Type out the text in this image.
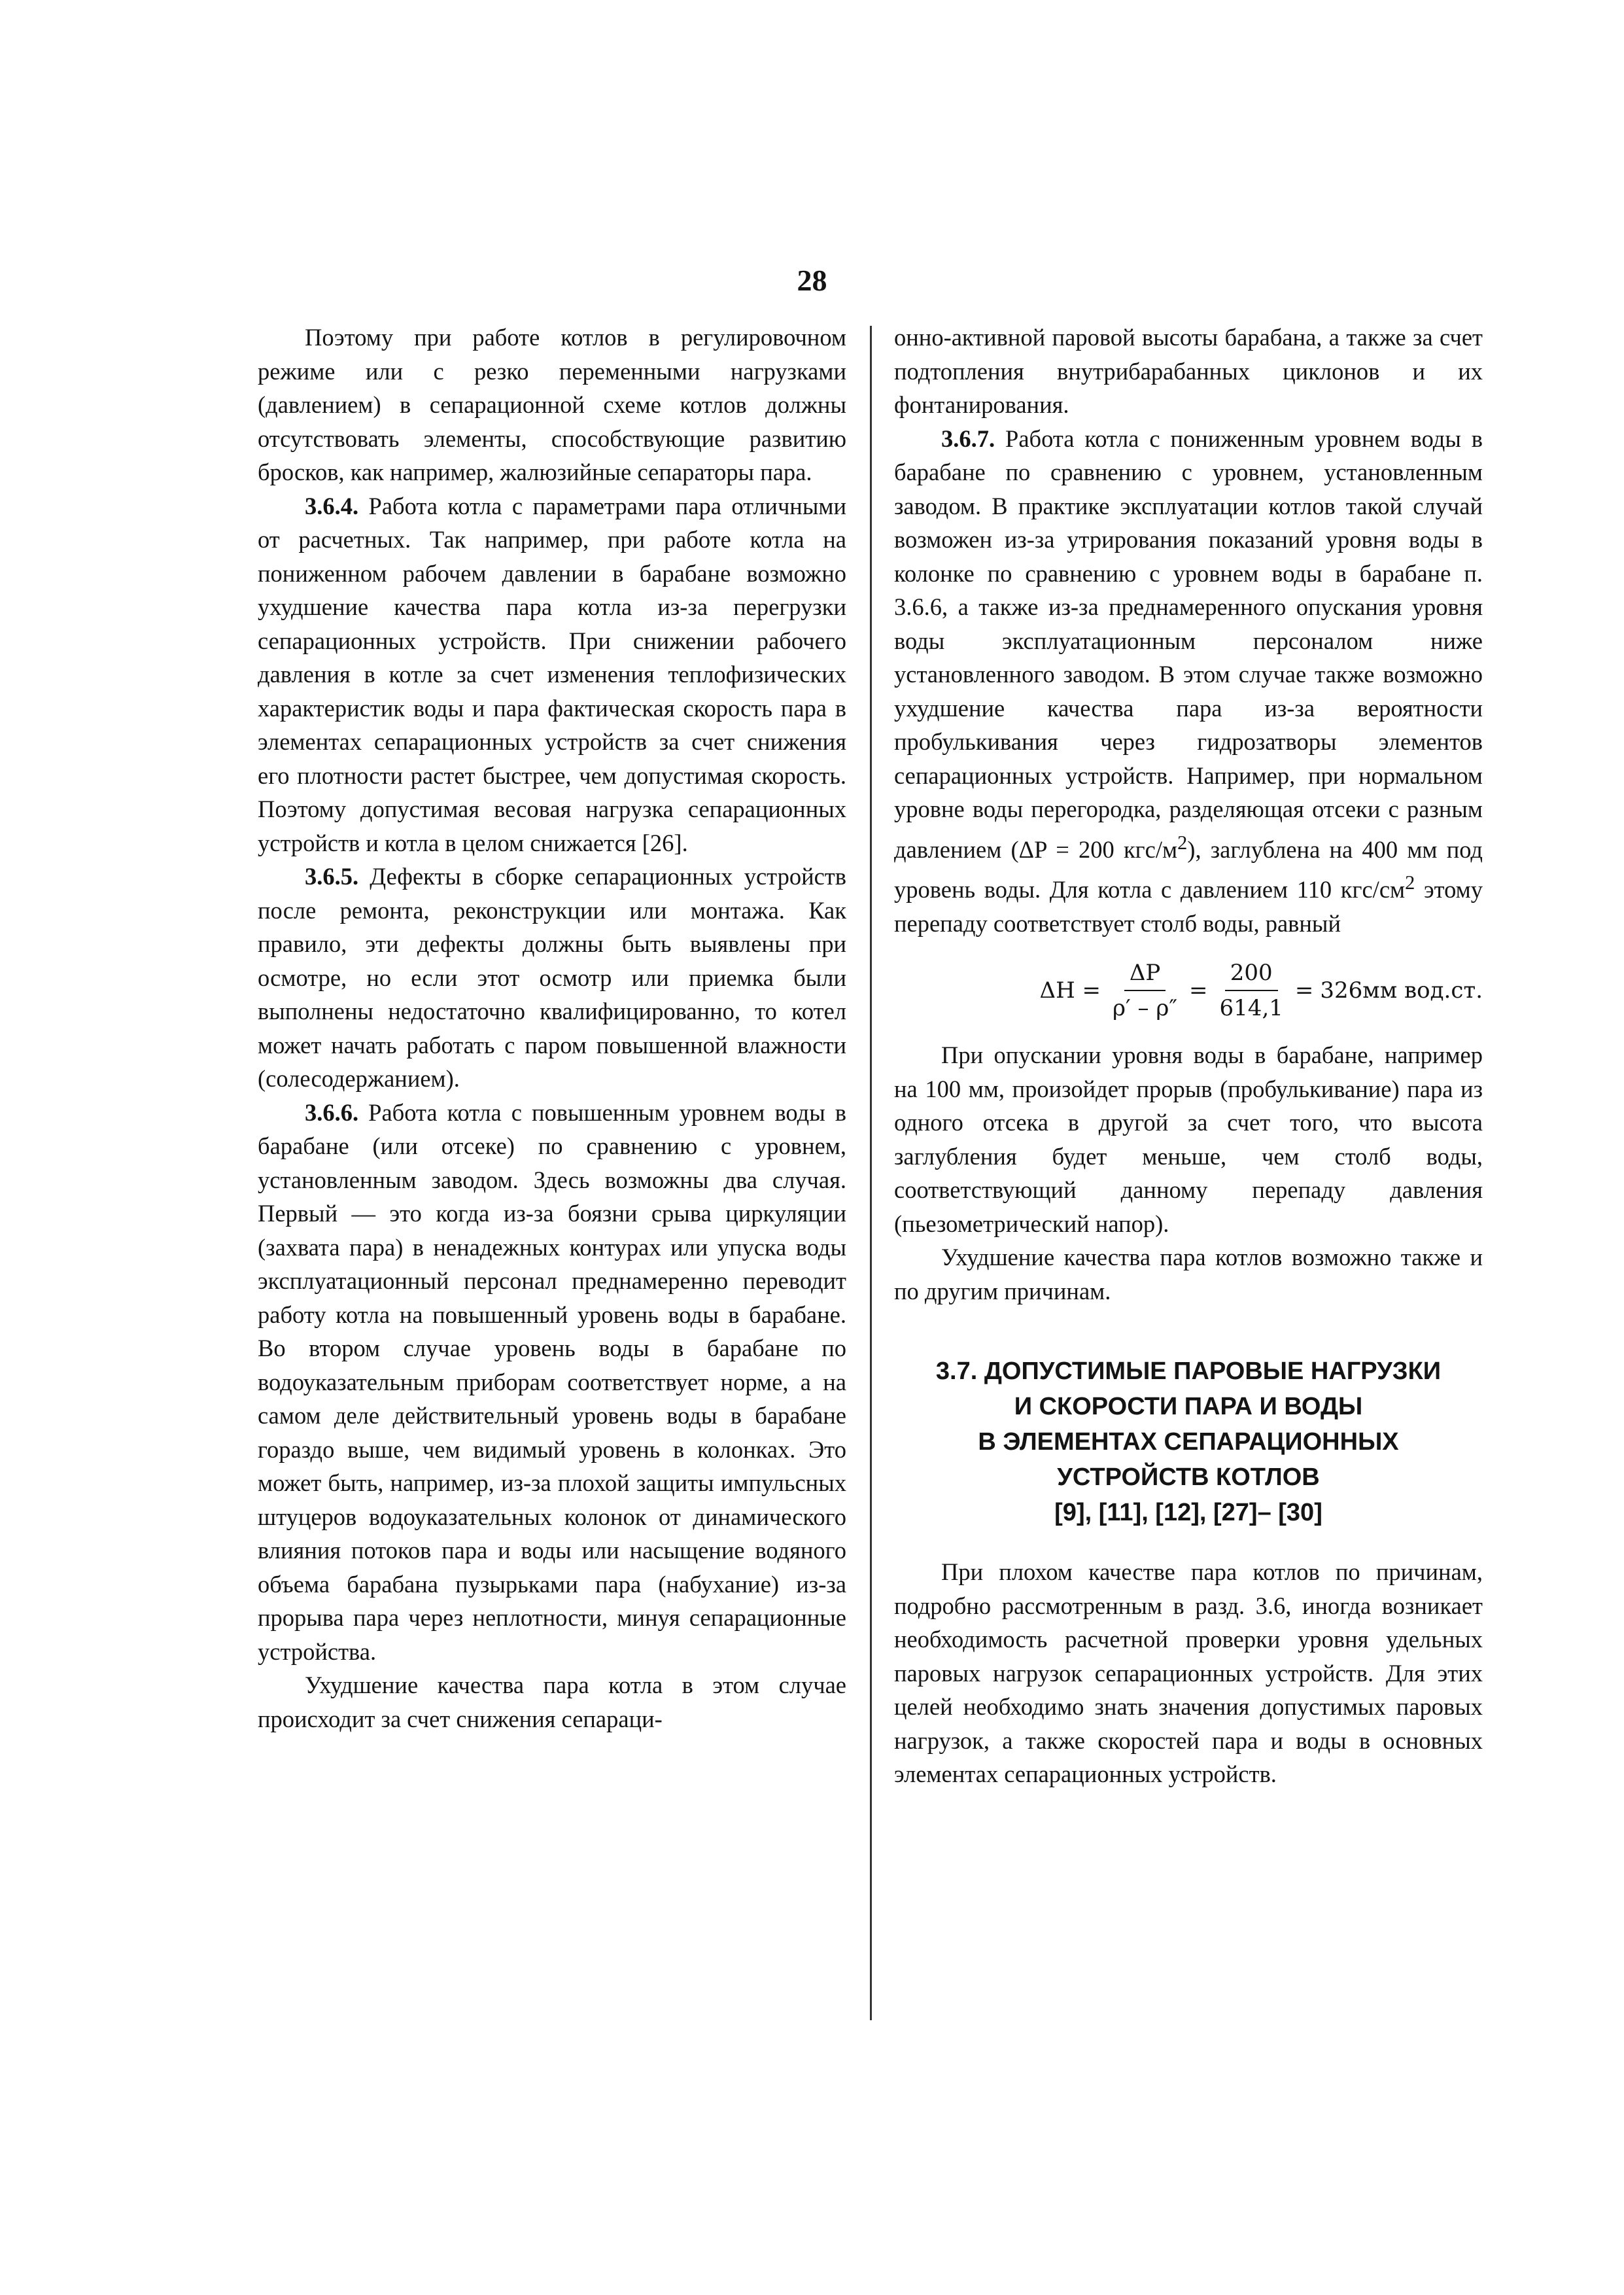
28

Поэтому при работе котлов в регулировочном режиме или с резко переменными нагрузками (давлением) в сепарационной схеме котлов должны отсутствовать элементы, способствующие развитию бросков, как например, жалюзийные сепараторы пара.

3.6.4. Работа котла с параметрами пара отличными от расчетных. Так например, при работе котла на пониженном рабочем давлении в барабане возможно ухудшение качества пара котла из-за перегрузки сепарационных устройств. При снижении рабочего давления в котле за счет изменения теплофизических характеристик воды и пара фактическая скорость пара в элементах сепарационных устройств за счет снижения его плотности растет быстрее, чем допустимая скорость. Поэтому допустимая весовая нагрузка сепарационных устройств и котла в целом снижается [26].

3.6.5. Дефекты в сборке сепарационных устройств после ремонта, реконструкции или монтажа. Как правило, эти дефекты должны быть выявлены при осмотре, но если этот осмотр или приемка были выполнены недостаточно квалифицированно, то котел может начать работать с паром повышенной влажности (солесодержанием).

3.6.6. Работа котла с повышенным уровнем воды в барабане (или отсеке) по сравнению с уровнем, установленным заводом. Здесь возможны два случая. Первый — это когда из-за боязни срыва циркуляции (захвата пара) в ненадежных контурах или упуска воды эксплуатационный персонал преднамеренно переводит работу котла на повышенный уровень воды в барабане. Во втором случае уровень воды в барабане по водоуказательным приборам соответствует норме, а на самом деле действительный уровень воды в барабане гораздо выше, чем видимый уровень в колонках. Это может быть, например, из-за плохой защиты импульсных штуцеров водоуказательных колонок от динамического влияния потоков пара и воды или насыщение водяного объема барабана пузырьками пара (набухание) из-за прорыва пара через неплотности, минуя сепарационные устройства.

Ухудшение качества пара котла в этом случае происходит за счет снижения сепараци-

онно-активной паровой высоты барабана, а также за счет подтопления внутрибарабанных циклонов и их фонтанирования.

3.6.7. Работа котла с пониженным уровнем воды в барабане по сравнению с уровнем, установленным заводом. В практике эксплуатации котлов такой случай возможен из-за утрирования показаний уровня воды в колонке по сравнению с уровнем воды в барабане п. 3.6.6, а также из-за преднамеренного опускания уровня воды эксплуатационным персоналом ниже установленного заводом. В этом случае также возможно ухудшение качества пара из-за вероятности пробулькивания через гидрозатворы элементов сепарационных устройств. Например, при нормальном уровне воды перегородка, разделяющая отсеки с разным давлением (ΔP = 200 кгс/$м^2$), заглублена на 400 мм под уровень воды. Для котла с давлением 110 кгс/$см^2$ этому перепаду соответствует столб воды, равный

$\Delta H = \frac{\Delta P}{\rho' - \rho''} = \frac{200}{614,1} = 326мм$ вод.ст.

При опускании уровня воды в барабане, например на 100 мм, произойдет прорыв (пробулькивание) пара из одного отсека в другой за счет того, что высота заглубления будет меньше, чем столб воды, соответствующий данному перепаду давления (пьезометрический напор).

Ухудшение качества пара котлов возможно также и по другим причинам.

3.7. ДОПУСТИМЫЕ ПАРОВЫЕ НАГРУЗКИ
И СКОРОСТИ ПАРА И ВОДЫ
В ЭЛЕМЕНТАХ СЕПАРАЦИОННЫХ
УСТРОЙСТВ КОТЛОВ
[9], [11], [12], [27]– [30]

При плохом качестве пара котлов по причинам, подробно рассмотренным в разд. 3.6, иногда возникает необходимость расчетной проверки уровня удельных паровых нагрузок сепарационных устройств. Для этих целей необходимо знать значения допустимых паровых нагрузок, а также скоростей пара и воды в основных элементах сепарационных устройств.
